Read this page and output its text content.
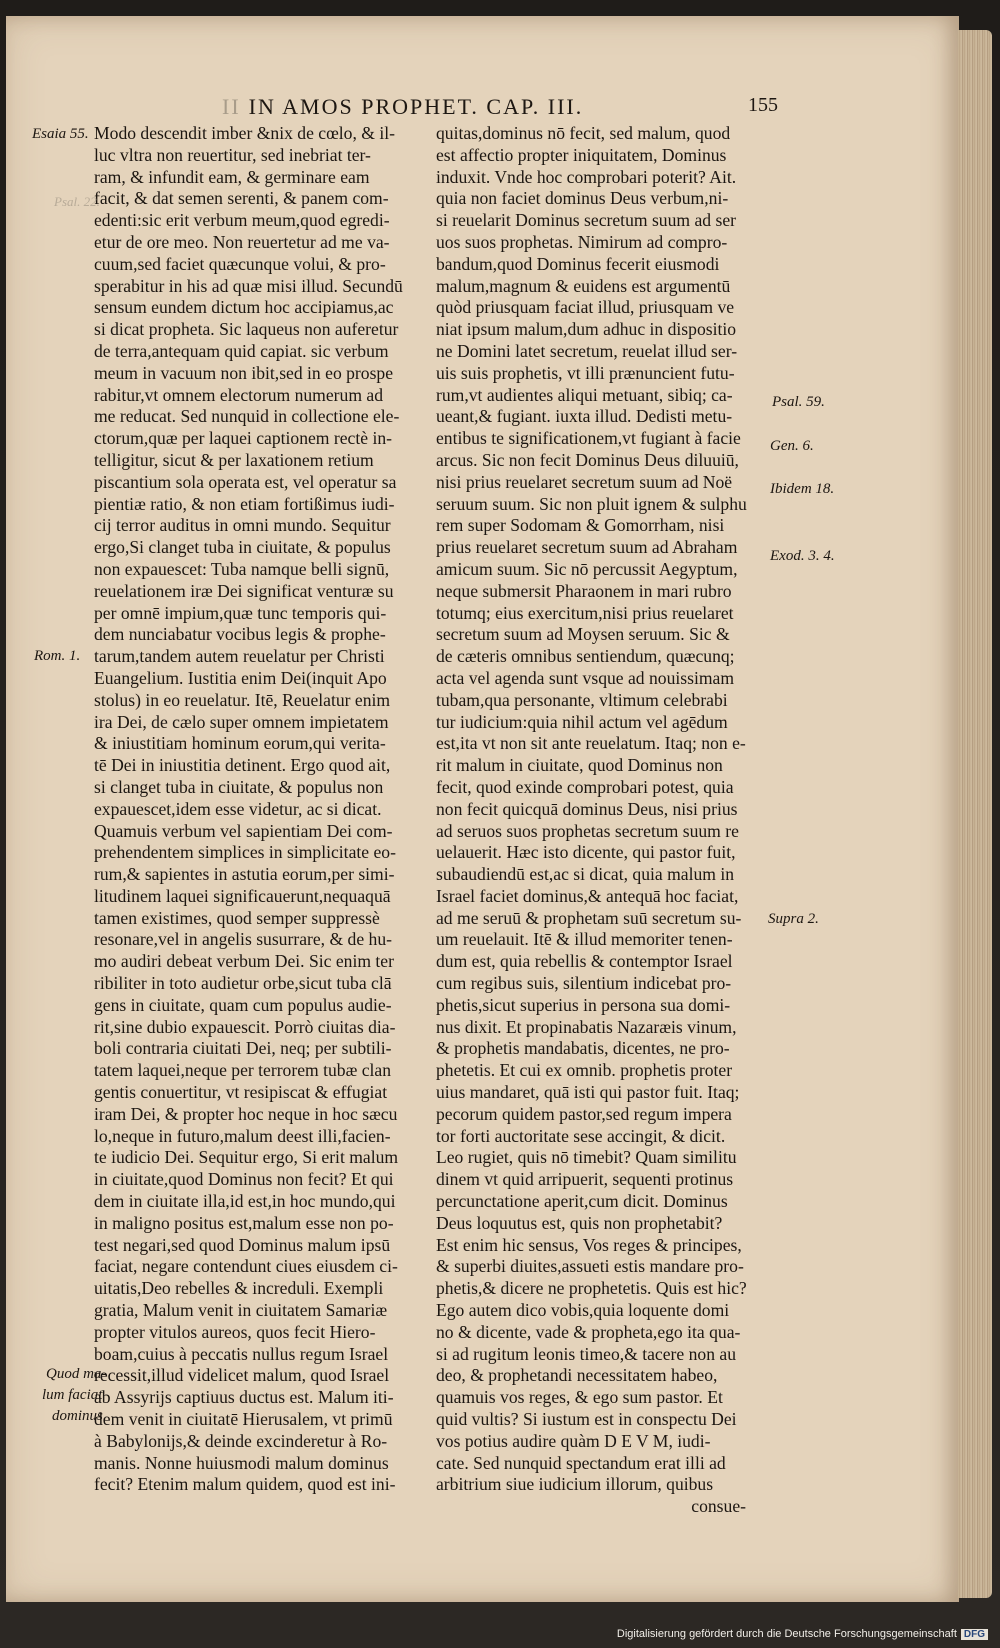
II IN AMOS PROPHET. CAP. III.	155
Modo descendit imber &nix de cœlo, & il-
luc vltra non reuertitur, sed inebriat ter-
ram, & infundit eam, & germinare eam
facit, & dat semen serenti, & panem com-
edenti:sic erit verbum meum,quod egredi-
etur de ore meo. Non reuertetur ad me va-
cuum,sed faciet quæcunque volui, & pro-
sperabitur in his ad quæ misi illud. Secundū
sensum eundem dictum hoc accipiamus,ac
si dicat propheta. Sic laqueus non auferetur
de terra,antequam quid capiat. sic verbum
meum in vacuum non ibit,sed in eo prospe
rabitur,vt omnem electorum numerum ad
me reducat. Sed nunquid in collectione ele-
ctorum,quæ per laquei captionem rectè in-
telligitur, sicut & per laxationem retium
piscantium sola operata est, vel operatur sa
pientiæ ratio, & non etiam fortißimus iudi-
cij terror auditus in omni mundo. Sequitur
ergo,Si clanget tuba in ciuitate, & populus
non expauescet: Tuba namque belli signū,
reuelationem iræ Dei significat venturæ su
per omnē impium,quæ tunc temporis qui-
dem nunciabatur vocibus legis & prophe-
tarum,tandem autem reuelatur per Christi
Euangelium. Iustitia enim Dei(inquit Apo
stolus) in eo reuelatur. Itē, Reuelatur enim
ira Dei, de cælo super omnem impietatem
& iniustitiam hominum eorum,qui verita-
tē Dei in iniustitia detinent. Ergo quod ait,
si clanget tuba in ciuitate, & populus non
expauescet,idem esse videtur, ac si dicat.
Quamuis verbum vel sapientiam Dei com-
prehendentem simplices in simplicitate eo-
rum,& sapientes in astutia eorum,per simi-
litudinem laquei significauerunt,nequaquā
tamen existimes, quod semper suppressè
resonare,vel in angelis susurrare, & de hu-
mo audiri debeat verbum Dei. Sic enim ter
ribiliter in toto audietur orbe,sicut tuba clā
gens in ciuitate, quam cum populus audie-
rit,sine dubio expauescit. Porrò ciuitas dia-
boli contraria ciuitati Dei, neq; per subtili-
tatem laquei,neque per terrorem tubæ clan
gentis conuertitur, vt resipiscat & effugiat
iram Dei, & propter hoc neque in hoc sæcu
lo,neque in futuro,malum deest illi,facien-
te iudicio Dei. Sequitur ergo, Si erit malum
in ciuitate,quod Dominus non fecit? Et qui
dem in ciuitate illa,id est,in hoc mundo,qui
in maligno positus est,malum esse non po-
test negari,sed quod Dominus malum ipsū
faciat, negare contendunt ciues eiusdem ci-
uitatis,Deo rebelles & increduli. Exempli
gratia, Malum venit in ciuitatem Samariæ
propter vitulos aureos, quos fecit Hiero-
boam,cuius à peccatis nullus regum Israel
recessit,illud videlicet malum, quod Israel
ab Assyrijs captiuus ductus est. Malum iti-
dem venit in ciuitatē Hierusalem, vt primū
à Babylonijs,& deinde excinderetur à Ro-
manis. Nonne huiusmodi malum dominus
fecit? Etenim malum quidem, quod est ini-
quitas,dominus nō fecit, sed malum, quod
est affectio propter iniquitatem, Dominus
induxit. Vnde hoc comprobari poterit? Ait.
quia non faciet dominus Deus verbum,ni-
si reuelarit Dominus secretum suum ad ser
uos suos prophetas. Nimirum ad compro-
bandum,quod Dominus fecerit eiusmodi
malum,magnum & euidens est argumentū
quòd priusquam faciat illud, priusquam ve
niat ipsum malum,dum adhuc in dispositio
ne Domini latet secretum, reuelat illud ser-
uis suis prophetis, vt illi prænuncient futu-
rum,vt audientes aliqui metuant, sibiq; ca-
ueant,& fugiant. iuxta illud. Dedisti metu-
entibus te significationem,vt fugiant à facie
arcus. Sic non fecit Dominus Deus diluuiū,
nisi prius reuelaret secretum suum ad Noë
seruum suum. Sic non pluit ignem & sulphu
rem super Sodomam & Gomorrham, nisi
prius reuelaret secretum suum ad Abraham
amicum suum. Sic nō percussit Aegyptum,
neque submersit Pharaonem in mari rubro
totumq; eius exercitum,nisi prius reuelaret
secretum suum ad Moysen seruum. Sic &
de cæteris omnibus sentiendum, quæcunq;
acta vel agenda sunt vsque ad nouissimam
tubam,qua personante, vltimum celebrabi
tur iudicium:quia nihil actum vel agēdum
est,ita vt non sit ante reuelatum. Itaq; non e-
rit malum in ciuitate, quod Dominus non
fecit, quod exinde comprobari potest, quia
non fecit quicquā dominus Deus, nisi prius
ad seruos suos prophetas secretum suum re
uelauerit. Hæc isto dicente, qui pastor fuit,
subaudiendū est,ac si dicat, quia malum in
Israel faciet dominus,& antequā hoc faciat,
ad me seruū & prophetam suū secretum su-
um reuelauit. Itē & illud memoriter tenen-
dum est, quia rebellis & contemptor Israel
cum regibus suis, silentium indicebat pro-
phetis,sicut superius in persona sua domi-
nus dixit. Et propinabatis Nazaræis vinum,
& prophetis mandabatis, dicentes, ne pro-
phetetis. Et cui ex omnib. prophetis proter
uius mandaret, quā isti qui pastor fuit. Itaq;
pecorum quidem pastor,sed regum impera
tor forti auctoritate sese accingit, & dicit.
Leo rugiet, quis nō timebit? Quam similitu
dinem vt quid arripuerit, sequenti protinus
percunctatione aperit,cum dicit. Dominus
Deus loquutus est, quis non prophetabit?
Est enim hic sensus, Vos reges & principes,
& superbi diuites,assueti estis mandare pro-
phetis,& dicere ne prophetetis. Quis est hic?
Ego autem dico vobis,quia loquente domi
no & dicente, vade & propheta,ego ita qua-
si ad rugitum leonis timeo,& tacere non au
deo, & prophetandi necessitatem habeo,
quamuis vos reges, & ego sum pastor. Et
quid vultis? Si iustum est in conspectu Dei
vos potius audire quàm D E V M, iudi-
cate. Sed nunquid spectandum erat illi ad
arbitrium siue iudicium illorum, quibus
consue-
Esaia 55.
Psal. 22.
Rom. 1.
Quod ma-
lum faciat
dominus.
Psal. 59.
Gen. 6.
Ibidem 18.
Exod. 3. 4.
Supra 2.
Digitalisierung gefördert durch die Deutsche Forschungsgemeinschaft DFG
